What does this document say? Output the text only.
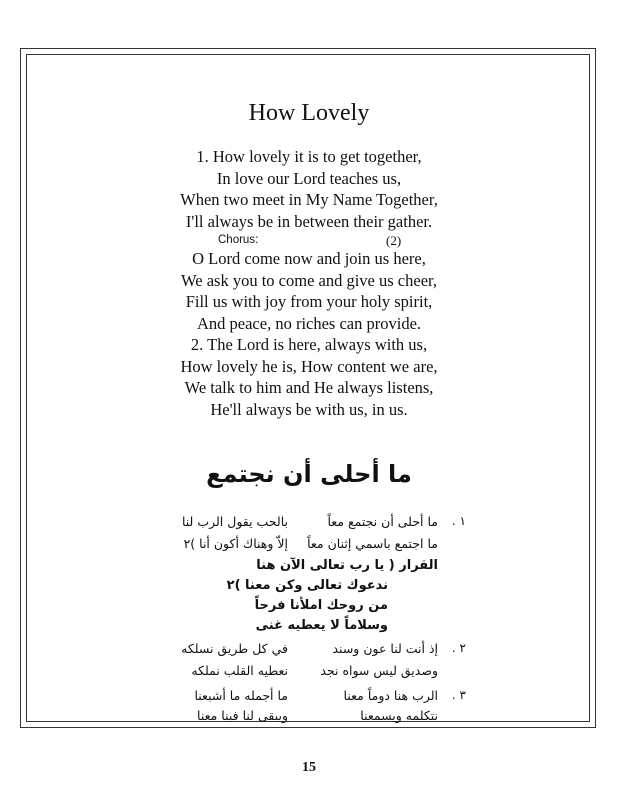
How Lovely
1. How lovely it is to get together,
In love our Lord teaches us,
When two meet in My Name Together,
I'll always be in between their gather.
Chorus:	(2)
O Lord come now and join us here,
We ask you to come and give us cheer,
Fill us with joy from your holy spirit,
And peace, no riches can provide.
2. The Lord is here, always with us,
How lovely he is, How content we are,
We talk to him and He always listens,
He'll always be with us, in us.
ما أحلى أن نجتمع
١ .
ما أحلى أن نجتمع معاً
بالحب يقول الرب لنا
ما اجتمع باسمي إثنان معاً
إلاّ وهناك أكون أنا )٢
القرار ( يا رب تعالى الآن هنا
ندعوك تعالى وكن معنا )٢
من روحك املأنا فرحاً
وسلاماً لا يعطيه غنى
٢ .
إذ أنت لنا عون وسند
في كل طريق نسلكه
وصديق ليس سواه نجد
نعطيه القلب نملكه
٣ .
الرب هنا دوماً معنا
ما أجمله ما أشبعنا
نتكلمه ويسمعنا
ويبقى لنا فينا معنا
15
